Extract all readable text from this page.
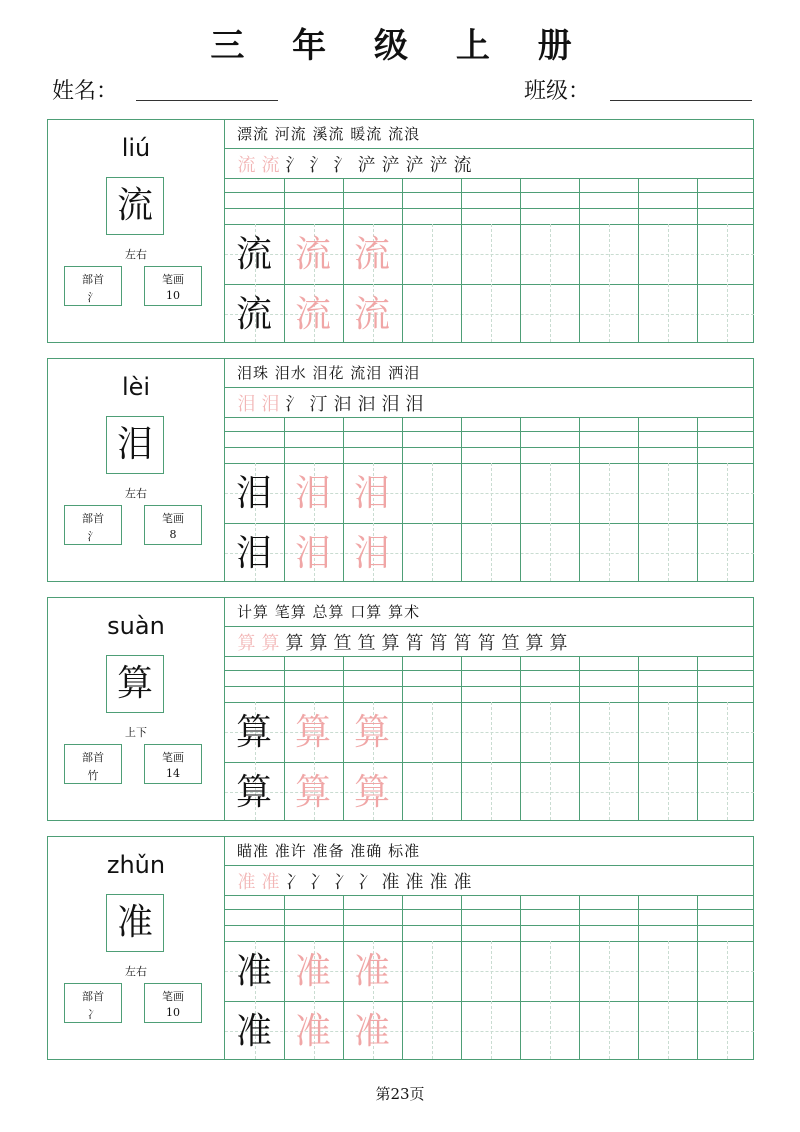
三 年 级 上 册
姓名：	班级：
liú
流
左右
部首
氵
笔画
10
漂流 河流 溪流 暖流 流浪
流 流 氵 氵 氵 浐 浐 浐 浐 流
流 流 流
流 流 流
lèi
泪
左右
部首
氵
笔画
8
泪珠 泪水 泪花 流泪 洒泪
泪 泪 氵 汀 汩 汩 泪 泪
泪 泪 泪
泪 泪 泪
suàn
算
上下
部首
竹
笔画
14
计算 笔算 总算 口算 算术
算 算 算 算 笪 笪 算 筲 筲 筲 筲 笪 算 算
算 算 算
算 算 算
zhǔn
准
左右
部首
冫
笔画
10
瞄准 准许 准备 准确 标准
准 准 冫 冫 冫 冫 准 准 准 准
准 准 准
准 准 准
第23页
